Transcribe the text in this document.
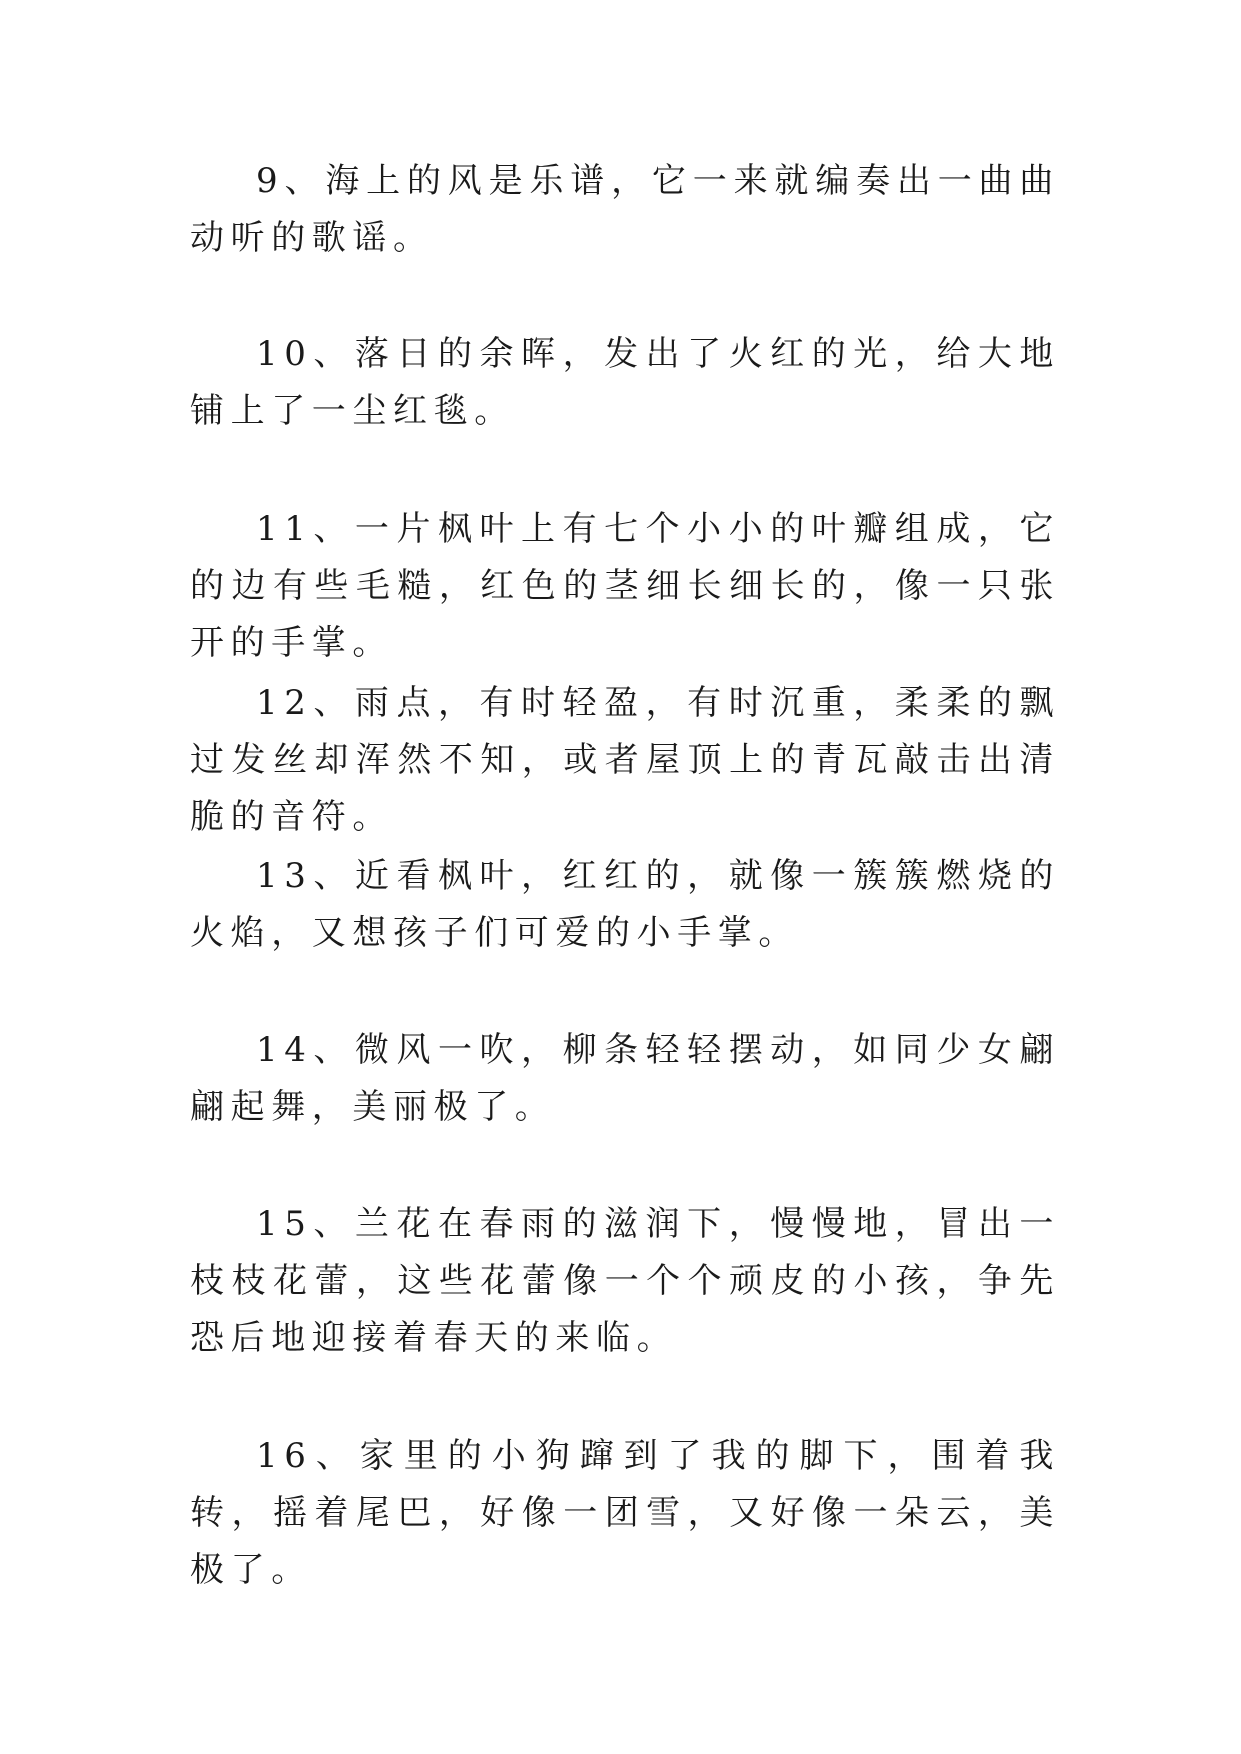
9、海上的风是乐谱，它一来就编奏出一曲曲动听的歌谣。

10、落日的余晖，发出了火红的光，给大地铺上了一尘红毯。

11、一片枫叶上有七个小小的叶瓣组成，它的边有些毛糙，红色的茎细长细长的，像一只张开的手掌。

12、雨点，有时轻盈，有时沉重，柔柔的飘过发丝却浑然不知，或者屋顶上的青瓦敲击出清脆的音符。

13、近看枫叶，红红的，就像一簇簇燃烧的火焰，又想孩子们可爱的小手掌。

14、微风一吹，柳条轻轻摆动，如同少女翩翩起舞，美丽极了。

15、兰花在春雨的滋润下，慢慢地，冒出一枝枝花蕾，这些花蕾像一个个顽皮的小孩，争先恐后地迎接着春天的来临。

16、家里的小狗蹿到了我的脚下，围着我转，摇着尾巴，好像一团雪，又好像一朵云，美极了。
